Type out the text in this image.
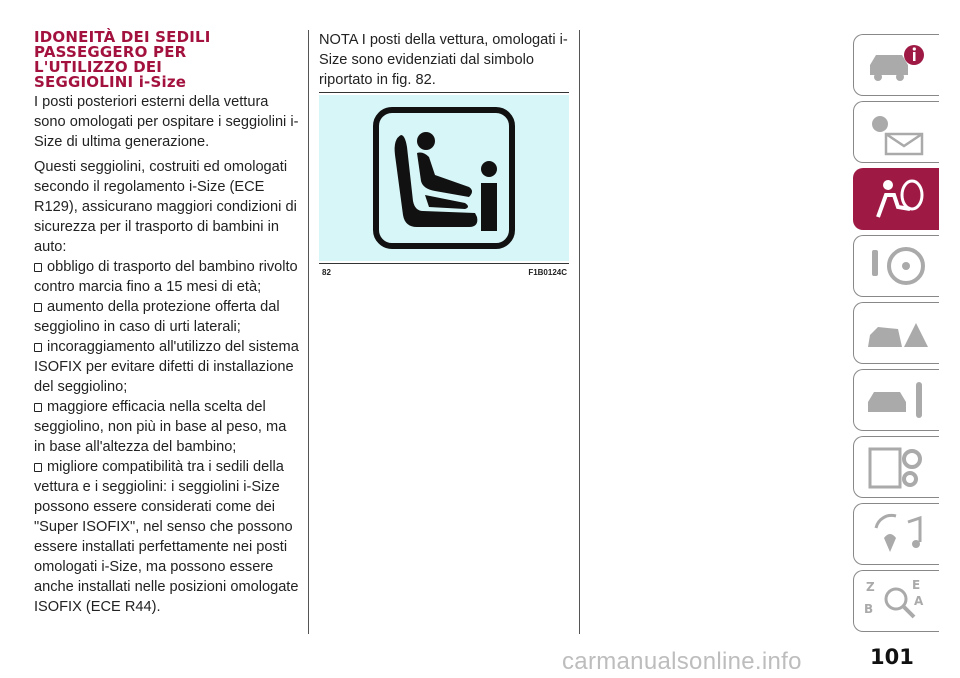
IDONEITÀ DEI SEDILI
PASSEGGERO PER
L'UTILIZZO DEI
SEGGIOLINI i-Size

I posti posteriori esterni della vettura sono omologati per ospitare i seggiolini i-Size di ultima generazione.

Questi seggiolini, costruiti ed omologati secondo il regolamento i-Size (ECE R129), assicurano maggiori condizioni di sicurezza per il trasporto di bambini in auto:

obbligo di trasporto del bambino rivolto contro marcia fino a 15 mesi di età;

aumento della protezione offerta dal seggiolino in caso di urti laterali;

incoraggiamento all'utilizzo del sistema ISOFIX per evitare difetti di installazione del seggiolino;

maggiore efficacia nella scelta del seggiolino, non più in base al peso, ma in base all'altezza del bambino;

migliore compatibilità tra i sedili della vettura e i seggiolini: i seggiolini i-Size possono essere considerati come dei "Super ISOFIX", nel senso che possono essere installati perfettamente nei posti omologati i-Size, ma possono essere anche installati nelle posizioni omologate ISOFIX (ECE R44).

NOTA I posti della vettura, omologati i-Size sono evidenziati dal simbolo riportato in fig. 82.

82	F1B0124C
Z	E
B
A
101
carmanualsonline.info
